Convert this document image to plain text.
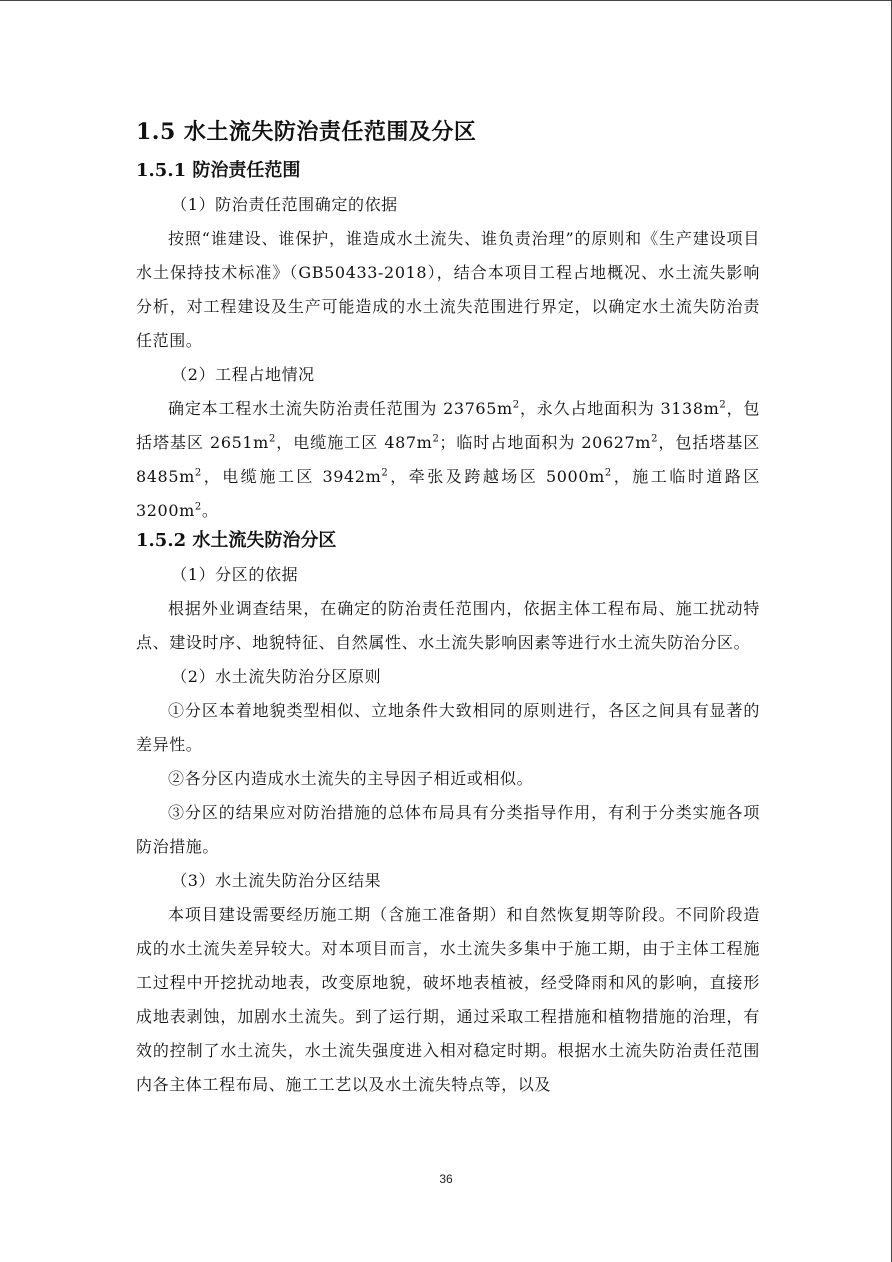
1.5 水土流失防治责任范围及分区
1.5.1 防治责任范围

（1）防治责任范围确定的依据

按照“谁建设、谁保护，谁造成水土流失、谁负责治理”的原则和《生产建设项目水土保持技术标准》（GB50433-2018），结合本项目工程占地概况、水土流失影响分析，对工程建设及生产可能造成的水土流失范围进行界定，以确定水土流失防治责任范围。

（2）工程占地情况

确定本工程水土流失防治责任范围为 $23765m^2$，永久占地面积为 $3138m^2$，包括塔基区 $2651m^2$，电缆施工区 $487m^2$；临时占地面积为 $20627m^2$，包括塔基区 $8485m^2$，电缆施工区 $3942m^2$，牵张及跨越场区 $5000m^2$，施工临时道路区 $3200m^2$。

1.5.2 水土流失防治分区

（1）分区的依据

根据外业调查结果，在确定的防治责任范围内，依据主体工程布局、施工扰动特点、建设时序、地貌特征、自然属性、水土流失影响因素等进行水土流失防治分区。

（2）水土流失防治分区原则

①分区本着地貌类型相似、立地条件大致相同的原则进行，各区之间具有显著的差异性。

②各分区内造成水土流失的主导因子相近或相似。

③分区的结果应对防治措施的总体布局具有分类指导作用，有利于分类实施各项防治措施。

（3）水土流失防治分区结果

本项目建设需要经历施工期（含施工准备期）和自然恢复期等阶段。不同阶段造成的水土流失差异较大。对本项目而言，水土流失多集中于施工期，由于主体工程施工过程中开挖扰动地表，改变原地貌，破坏地表植被，经受降雨和风的影响，直接形成地表剥蚀，加剧水土流失。到了运行期，通过采取工程措施和植物措施的治理，有效的控制了水土流失，水土流失强度进入相对稳定时期。根据水土流失防治责任范围内各主体工程布局、施工工艺以及水土流失特点等，以及

36
